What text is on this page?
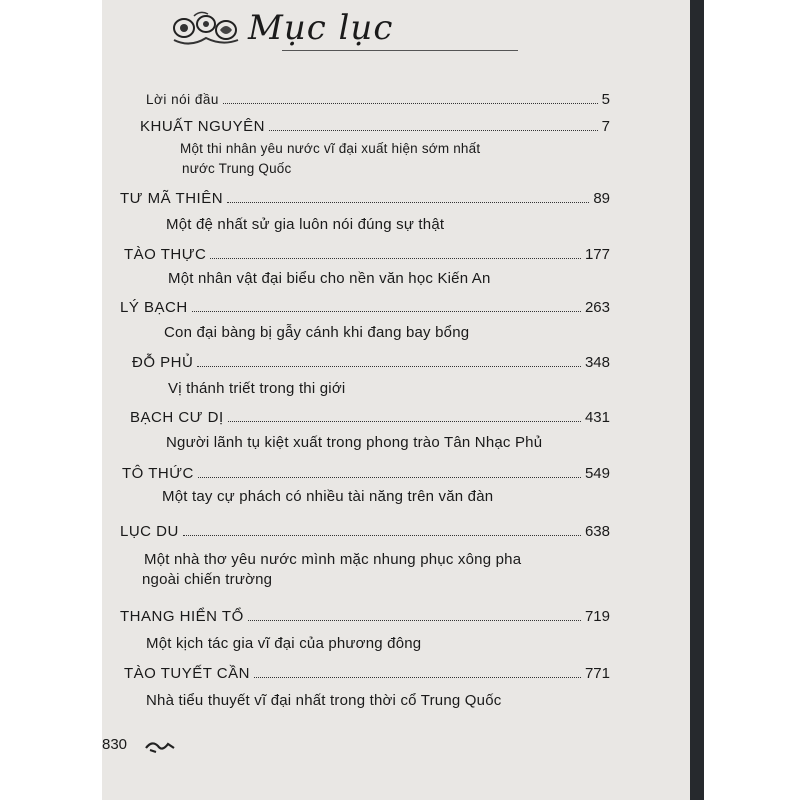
Mục lục
Lời nói đầu	5
KHUẤT NGUYÊN	7
Một thi nhân yêu nước vĩ đại xuất hiện sớm nhất
nước Trung Quốc
TƯ MÃ THIÊN	89
Một đệ nhất sử gia luôn nói đúng sự thật
TÀO THỰC	177
Một nhân vật đại biểu cho nền văn học Kiến An
LÝ BẠCH	263
Con đại bàng bị gẫy cánh khi đang bay bổng
ĐỖ PHỦ	348
Vị thánh triết trong thi giới
BẠCH CƯ DỊ	431
Người lãnh tụ kiệt xuất trong phong trào Tân Nhạc Phủ
TÔ THỨC	549
Một tay cự phách có nhiều tài năng trên văn đàn
LỤC DU	638
Một nhà thơ yêu nước mình mặc nhung phục xông pha
ngoài chiến trường
THANG HIỂN TỔ	719
Một kịch tác gia vĩ đại của phương đông
TÀO TUYẾT CẦN	771
Nhà tiểu thuyết vĩ đại nhất trong thời cổ Trung Quốc
830
